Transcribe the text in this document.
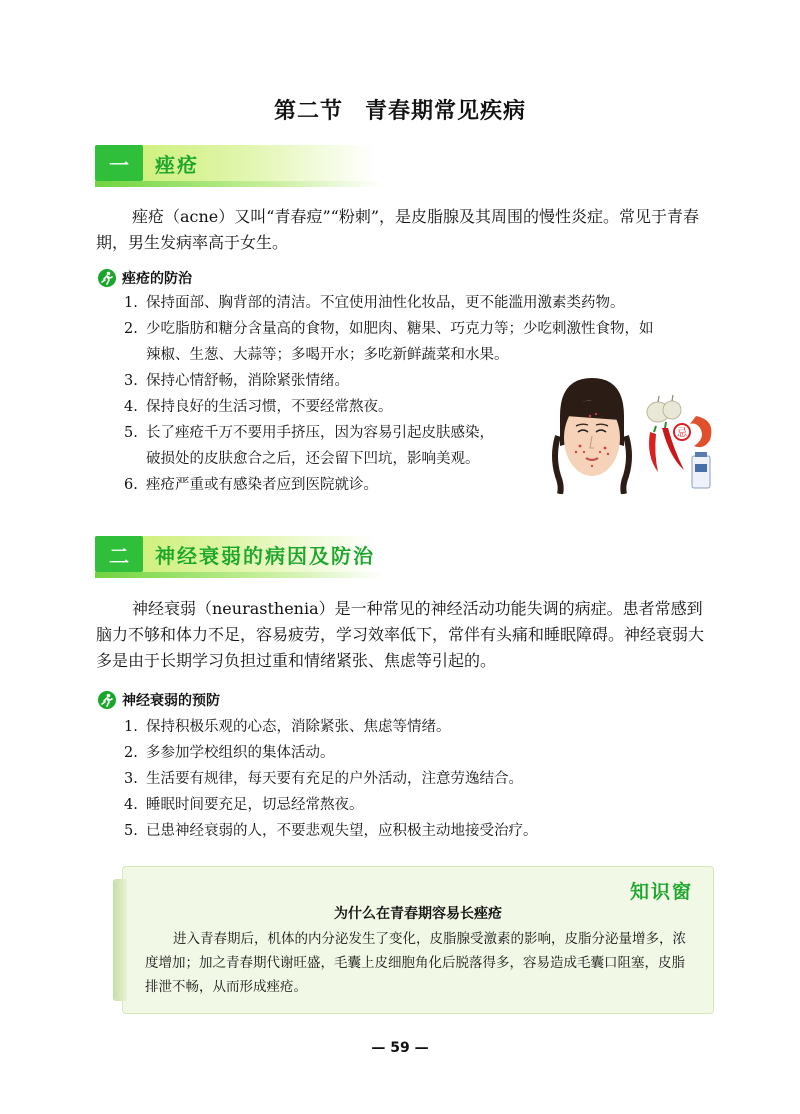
第二节 青春期常见疾病
一	痤疮
痤疮（acne）又叫“青春痘”“粉刺”，是皮脂腺及其周围的慢性炎症。常见于青春期，男生发病率高于女生。
痤疮的防治
1. 保持面部、胸背部的清洁。不宜使用油性化妆品，更不能滥用激素类药物。
2. 少吃脂肪和糖分含量高的食物，如肥肉、糖果、巧克力等；少吃刺激性食物，如
辣椒、生葱、大蒜等；多喝开水；多吃新鲜蔬菜和水果。
3. 保持心情舒畅，消除紧张情绪。
4. 保持良好的生活习惯，不要经常熬夜。
5. 长了痤疮千万不要用手挤压，因为容易引起皮肤感染，
破损处的皮肤愈合之后，还会留下凹坑，影响美观。
6. 痤疮严重或有感染者应到医院就诊。
忌
二	神经衰弱的病因及防治
神经衰弱（neurasthenia）是一种常见的神经活动功能失调的病症。患者常感到脑力不够和体力不足，容易疲劳，学习效率低下，常伴有头痛和睡眠障碍。神经衰弱大多是由于长期学习负担过重和情绪紧张、焦虑等引起的。
神经衰弱的预防
1. 保持积极乐观的心态，消除紧张、焦虑等情绪。
2. 多参加学校组织的集体活动。
3. 生活要有规律，每天要有充足的户外活动，注意劳逸结合。
4. 睡眠时间要充足，切忌经常熬夜。
5. 已患神经衰弱的人，不要悲观失望，应积极主动地接受治疗。
知识窗
为什么在青春期容易长痤疮
进入青春期后，机体的内分泌发生了变化，皮脂腺受激素的影响，皮脂分泌量增多，浓度增加；加之青春期代谢旺盛，毛囊上皮细胞角化后脱落得多，容易造成毛囊口阻塞，皮脂排泄不畅，从而形成痤疮。
— 59 —
